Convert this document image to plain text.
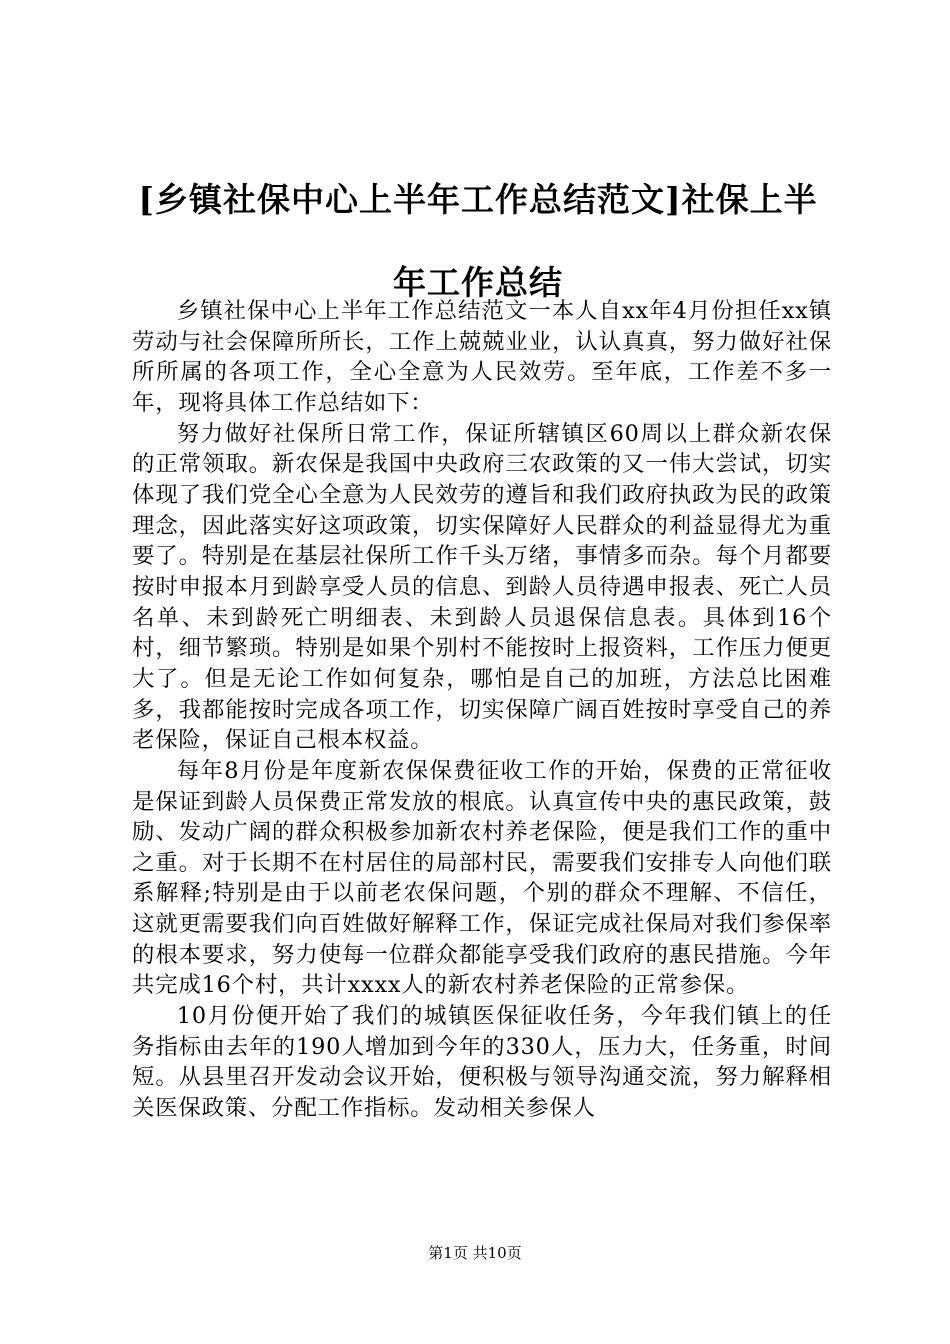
[乡镇社保中心上半年工作总结范文]社保上半年工作总结

乡镇社保中心上半年工作总结范文一本人自xx年4月份担任xx镇劳动与社会保障所所长，工作上兢兢业业，认认真真，努力做好社保所所属的各项工作，全心全意为人民效劳。至年底，工作差不多一年，现将具体工作总结如下：

努力做好社保所日常工作，保证所辖镇区60周以上群众新农保的正常领取。新农保是我国中央政府三农政策的又一伟大尝试，切实体现了我们党全心全意为人民效劳的遵旨和我们政府执政为民的政策理念，因此落实好这项政策，切实保障好人民群众的利益显得尤为重要了。特别是在基层社保所工作千头万绪，事情多而杂。每个月都要按时申报本月到龄享受人员的信息、到龄人员待遇申报表、死亡人员名单、未到龄死亡明细表、未到龄人员退保信息表。具体到16个村，细节繁琐。特别是如果个别村不能按时上报资料，工作压力便更大了。但是无论工作如何复杂，哪怕是自己的加班，方法总比困难多，我都能按时完成各项工作，切实保障广阔百姓按时享受自己的养老保险，保证自己根本权益。

每年8月份是年度新农保保费征收工作的开始，保费的正常征收是保证到龄人员保费正常发放的根底。认真宣传中央的惠民政策，鼓励、发动广阔的群众积极参加新农村养老保险，便是我们工作的重中之重。对于长期不在村居住的局部村民，需要我们安排专人向他们联系解释;特别是由于以前老农保问题，个别的群众不理解、不信任，这就更需要我们向百姓做好解释工作，保证完成社保局对我们参保率的根本要求，努力使每一位群众都能享受我们政府的惠民措施。今年共完成16个村，共计xxxx人的新农村养老保险的正常参保。

10月份便开始了我们的城镇医保征收任务，今年我们镇上的任务指标由去年的190人增加到今年的330人，压力大，任务重，时间短。从县里召开发动会议开始，便积极与领导沟通交流，努力解释相关医保政策、分配工作指标。发动相关参保人

第1页 共10页
